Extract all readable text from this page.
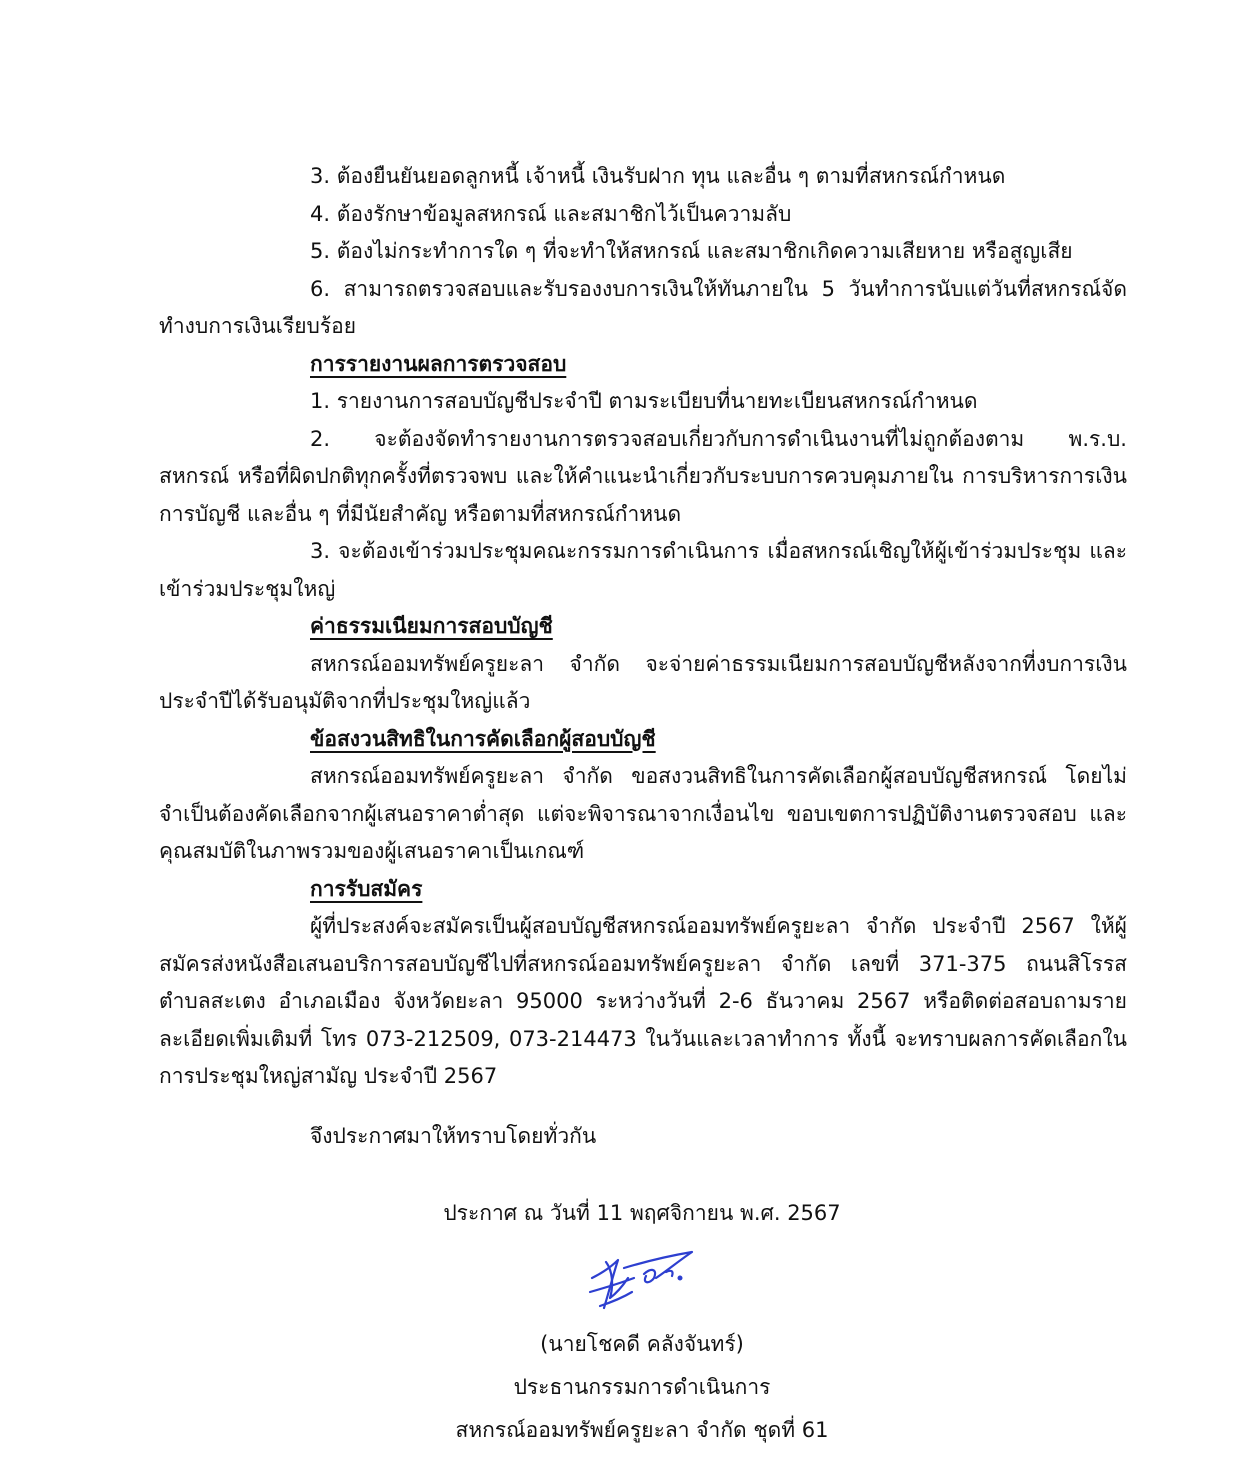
3. ต้องยืนยันยอดลูกหนี้ เจ้าหนี้ เงินรับฝาก ทุน และอื่น ๆ ตามที่สหกรณ์กำหนด

4. ต้องรักษาข้อมูลสหกรณ์ และสมาชิกไว้เป็นความลับ

5. ต้องไม่กระทำการใด ๆ ที่จะทำให้สหกรณ์ และสมาชิกเกิดความเสียหาย หรือสูญเสีย

6. สามารถตรวจสอบและรับรองงบการเงินให้ทันภายใน 5 วันทำการนับแต่วันที่สหกรณ์จัดทำงบการเงินเรียบร้อย

การรายงานผลการตรวจสอบ

1. รายงานการสอบบัญชีประจำปี ตามระเบียบที่นายทะเบียนสหกรณ์กำหนด

2. จะต้องจัดทำรายงานการตรวจสอบเกี่ยวกับการดำเนินงานที่ไม่ถูกต้องตาม พ.ร.บ. สหกรณ์ หรือที่ผิดปกติทุกครั้งที่ตรวจพบ และให้คำแนะนำเกี่ยวกับระบบการควบคุมภายใน การบริหารการเงิน การบัญชี และอื่น ๆ ที่มีนัยสำคัญ หรือตามที่สหกรณ์กำหนด

3. จะต้องเข้าร่วมประชุมคณะกรรมการดำเนินการ เมื่อสหกรณ์เชิญให้ผู้เข้าร่วมประชุม และเข้าร่วมประชุมใหญ่

ค่าธรรมเนียมการสอบบัญชี

สหกรณ์ออมทรัพย์ครูยะลา จำกัด จะจ่ายค่าธรรมเนียมการสอบบัญชีหลังจากที่งบการเงินประจำปีได้รับอนุมัติจากที่ประชุมใหญ่แล้ว

ข้อสงวนสิทธิในการคัดเลือกผู้สอบบัญชี

สหกรณ์ออมทรัพย์ครูยะลา จำกัด ขอสงวนสิทธิในการคัดเลือกผู้สอบบัญชีสหกรณ์ โดยไม่จำเป็นต้องคัดเลือกจากผู้เสนอราคาต่ำสุด แต่จะพิจารณาจากเงื่อนไข ขอบเขตการปฏิบัติงานตรวจสอบ และคุณสมบัติในภาพรวมของผู้เสนอราคาเป็นเกณฑ์

การรับสมัคร

ผู้ที่ประสงค์จะสมัครเป็นผู้สอบบัญชีสหกรณ์ออมทรัพย์ครูยะลา จำกัด ประจำปี 2567 ให้ผู้สมัครส่งหนังสือเสนอบริการสอบบัญชีไปที่สหกรณ์ออมทรัพย์ครูยะลา จำกัด เลขที่ 371-375 ถนนสิโรรส ตำบลสะเตง อำเภอเมือง จังหวัดยะลา 95000 ระหว่างวันที่ 2-6 ธันวาคม 2567 หรือติดต่อสอบถามรายละเอียดเพิ่มเติมที่ โทร 073-212509, 073-214473 ในวันและเวลาทำการ ทั้งนี้ จะทราบผลการคัดเลือกในการประชุมใหญ่สามัญ ประจำปี 2567

จึงประกาศมาให้ทราบโดยทั่วกัน
ประกาศ ณ วันที่ 11 พฤศจิกายน พ.ศ. 2567
(นายโชคดี คลังจันทร์)
ประธานกรรมการดำเนินการ
สหกรณ์ออมทรัพย์ครูยะลา จำกัด ชุดที่ 61
